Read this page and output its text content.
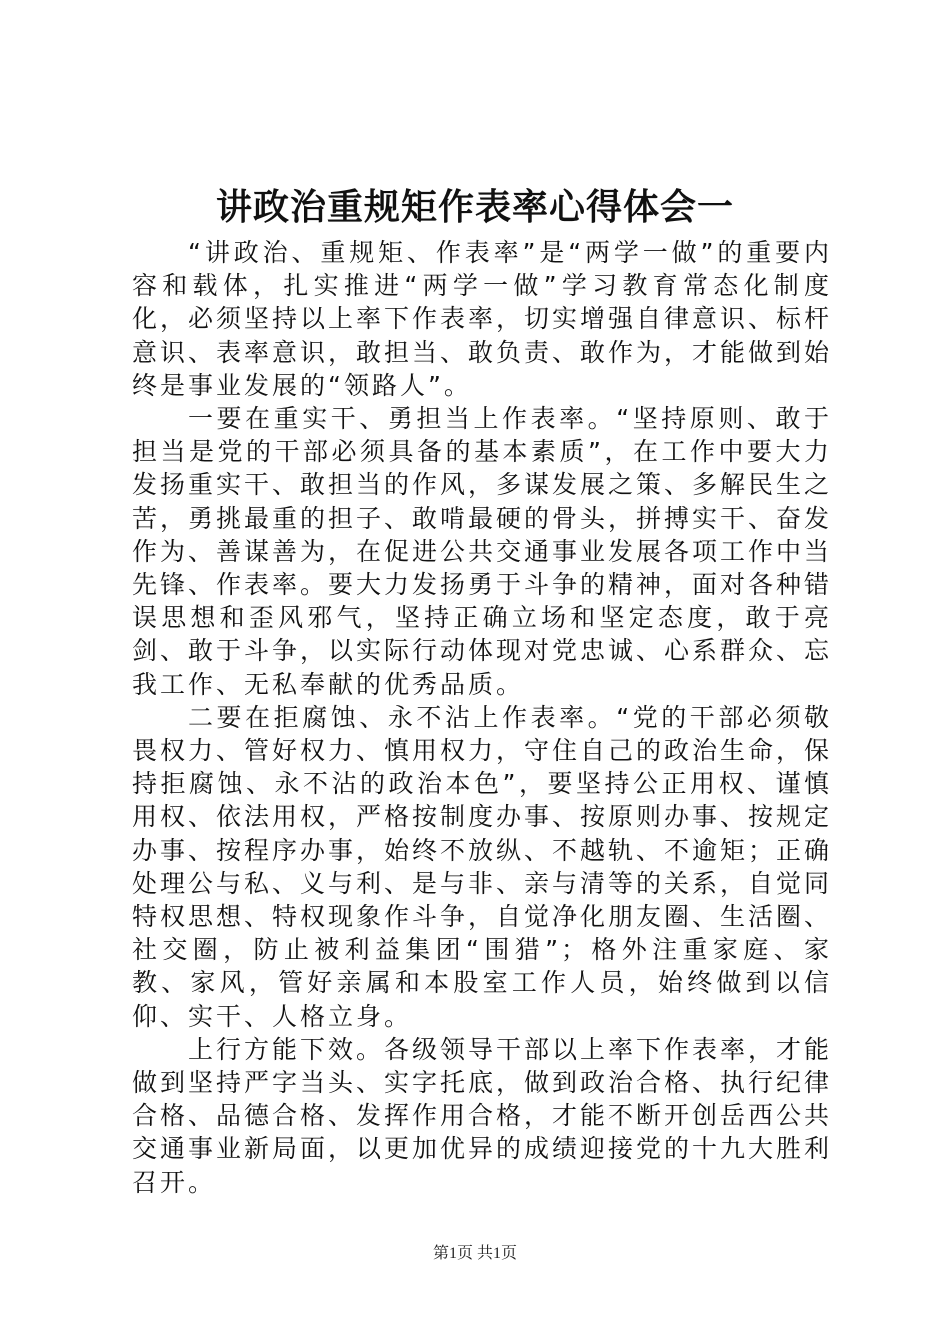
讲政治重规矩作表率心得体会一

“讲政治、重规矩、作表率”是“两学一做”的重要内容和载体，扎实推进“两学一做”学习教育常态化制度化，必须坚持以上率下作表率，切实增强自律意识、标杆意识、表率意识，敢担当、敢负责、敢作为，才能做到始终是事业发展的“领路人”。

一要在重实干、勇担当上作表率。“坚持原则、敢于担当是党的干部必须具备的基本素质”，在工作中要大力发扬重实干、敢担当的作风，多谋发展之策、多解民生之苦，勇挑最重的担子、敢啃最硬的骨头，拼搏实干、奋发作为、善谋善为，在促进公共交通事业发展各项工作中当先锋、作表率。要大力发扬勇于斗争的精神，面对各种错误思想和歪风邪气，坚持正确立场和坚定态度，敢于亮剑、敢于斗争，以实际行动体现对党忠诚、心系群众、忘我工作、无私奉献的优秀品质。

二要在拒腐蚀、永不沾上作表率。“党的干部必须敬畏权力、管好权力、慎用权力，守住自己的政治生命，保持拒腐蚀、永不沾的政治本色”，要坚持公正用权、谨慎用权、依法用权，严格按制度办事、按原则办事、按规定办事、按程序办事，始终不放纵、不越轨、不逾矩；正确处理公与私、义与利、是与非、亲与清等的关系，自觉同特权思想、特权现象作斗争，自觉净化朋友圈、生活圈、社交圈，防止被利益集团“围猎”；格外注重家庭、家教、家风，管好亲属和本股室工作人员，始终做到以信仰、实干、人格立身。

上行方能下效。各级领导干部以上率下作表率，才能做到坚持严字当头、实字托底，做到政治合格、执行纪律合格、品德合格、发挥作用合格，才能不断开创岳西公共交通事业新局面，以更加优异的成绩迎接党的十九大胜利召开。

第1页 共1页
